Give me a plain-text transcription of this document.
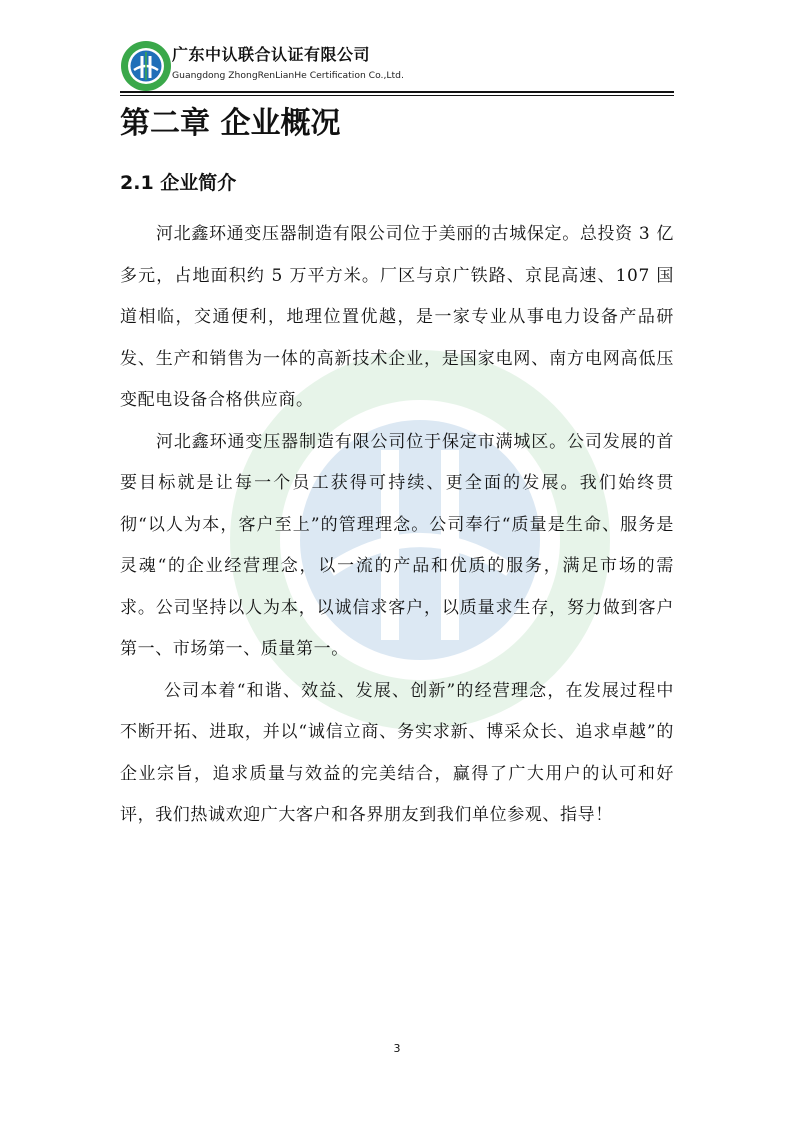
广东中认联合认证有限公司
Guangdong ZhongRenLianHe Certification Co.,Ltd.
第二章 企业概况
2.1 企业简介

河北鑫环通变压器制造有限公司位于美丽的古城保定。总投资 3 亿多元，占地面积约 5 万平方米。厂区与京广铁路、京昆高速、107 国道相临，交通便利，地理位置优越，是一家专业从事电力设备产品研发、生产和销售为一体的高新技术企业，是国家电网、南方电网高低压变配电设备合格供应商。

河北鑫环通变压器制造有限公司位于保定市满城区。公司发展的首要目标就是让每一个员工获得可持续、更全面的发展。我们始终贯彻“以人为本，客户至上”的管理理念。公司奉行“质量是生命、服务是灵魂“的企业经营理念，以一流的产品和优质的服务，满足市场的需求。公司坚持以人为本，以诚信求客户，以质量求生存，努力做到客户第一、市场第一、质量第一。

公司本着“和谐、效益、发展、创新”的经营理念，在发展过程中不断开拓、进取，并以“诚信立商、务实求新、博采众长、追求卓越”的企业宗旨，追求质量与效益的完美结合，赢得了广大用户的认可和好评，我们热诚欢迎广大客户和各界朋友到我们单位参观、指导！

3
